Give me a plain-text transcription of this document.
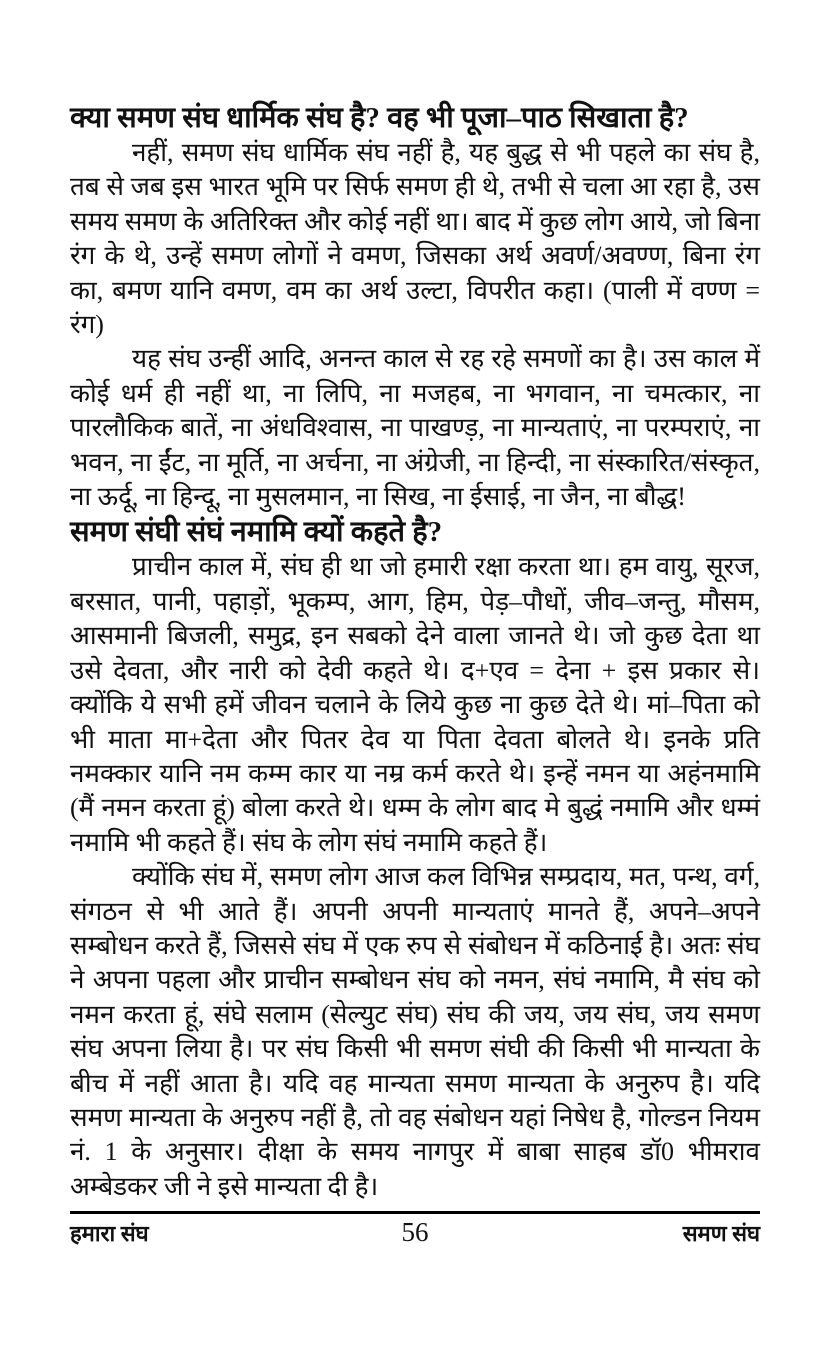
क्या समण संघ धार्मिक संघ है? वह भी पूजा–पाठ सिखाता है?

नहीं, समण संघ धार्मिक संघ नहीं है, यह बुद्ध से भी पहले का संघ है, तब से जब इस भारत भूमि पर सिर्फ समण ही थे, तभी से चला आ रहा है, उस समय समण के अतिरिक्त और कोई नहीं था। बाद में कुछ लोग आये, जो बिना रंग के थे, उन्हें समण लोगों ने वमण, जिसका अर्थ अवर्ण/अवण्ण, बिना रंग का, बमण यानि वमण, वम का अर्थ उल्टा, विपरीत कहा। (पाली में वण्ण = रंग)

यह संघ उन्हीं आदि, अनन्त काल से रह रहे समणों का है। उस काल में कोई धर्म ही नहीं था, ना लिपि, ना मजहब, ना भगवान, ना चमत्कार, ना पारलौकिक बातें, ना अंधविश्वास, ना पाखण्ड़, ना मान्यताएं, ना परम्पराएं, ना भवन, ना ईंट, ना मूर्ति, ना अर्चना, ना अंग्रेजी, ना हिन्दी, ना संस्कारित/संस्कृत, ना ऊर्दू, ना हिन्दू, ना मुसलमान, ना सिख, ना ईसाई, ना जैन, ना बौद्ध!

समण संघी संघं नमामि क्यों कहते है?

प्राचीन काल में, संघ ही था जो हमारी रक्षा करता था। हम वायु, सूरज, बरसात, पानी, पहाड़ों, भूकम्प, आग, हिम, पेड़–पौधों, जीव–जन्तु, मौसम, आसमानी बिजली, समुद्र, इन सबको देने वाला जानते थे। जो कुछ देता था उसे देवता, और नारी को देवी कहते थे। द+एव = देना + इस प्रकार से। क्योंकि ये सभी हमें जीवन चलाने के लिये कुछ ना कुछ देते थे। मां–पिता को भी माता मा+देता और पितर देव या पिता देवता बोलते थे। इनके प्रति नमक्कार यानि नम कम्म कार या नम्र कर्म करते थे। इन्हें नमन या अहंनमामि (मैं नमन करता हूं) बोला करते थे। धम्म के लोग बाद मे बुद्धं नमामि और धम्मं नमामि भी कहते हैं। संघ के लोग संघं नमामि कहते हैं।

क्योंकि संघ में, समण लोग आज कल विभिन्न सम्प्रदाय, मत, पन्थ, वर्ग, संगठन से भी आते हैं। अपनी अपनी मान्यताएं मानते हैं, अपने–अपने सम्बोधन करते हैं, जिससे संघ में एक रुप से संबोधन में कठिनाई है। अतः संघ ने अपना पहला और प्राचीन सम्बोधन संघ को नमन, संघं नमामि, मै संघ को नमन करता हूं, संघे सलाम (सेल्युट संघ) संघ की जय, जय संघ, जय समण संघ अपना लिया है। पर संघ किसी भी समण संघी की किसी भी मान्यता के बीच में नहीं आता है। यदि वह मान्यता समण मान्यता के अनुरुप है। यदि समण मान्यता के अनुरुप नहीं है, तो वह संबोधन यहां निषेध है, गोल्डन नियम नं. 1 के अनुसार। दीक्षा के समय नागपुर में बाबा साहब डॉ0 भीमराव अम्बेडकर जी ने इसे मान्यता दी है।

हमारा संघ	56	समण संघ
